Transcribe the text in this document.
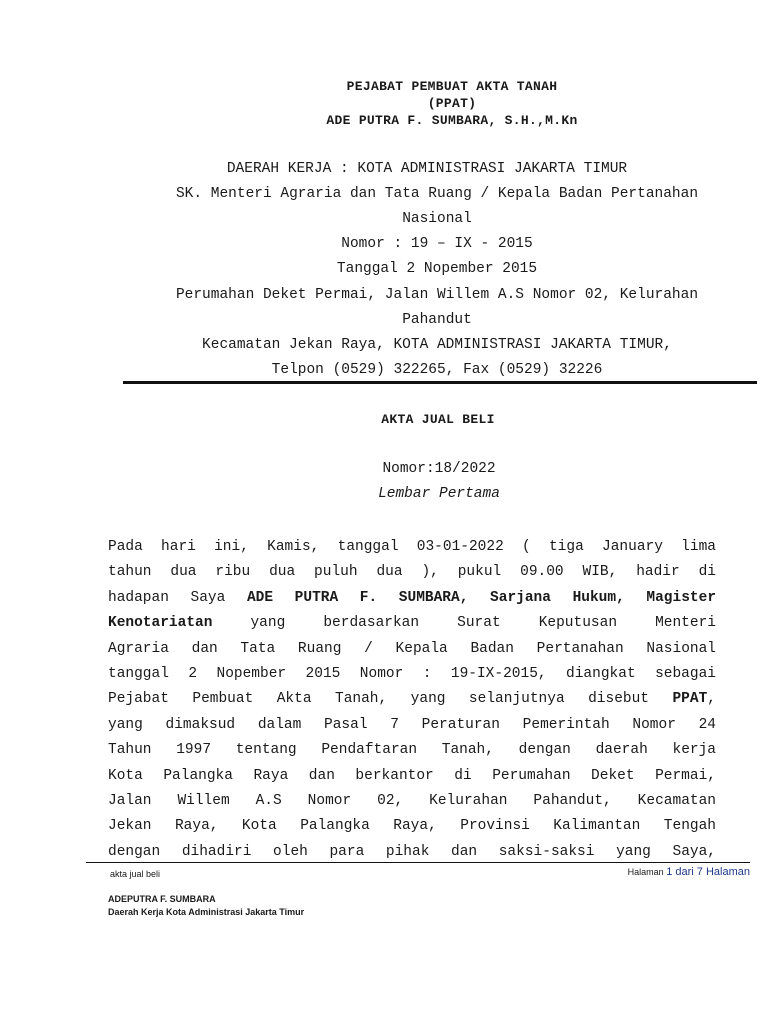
PEJABAT PEMBUAT AKTA TANAH
(PPAT)
ADE PUTRA F. SUMBARA, S.H.,M.Kn
DAERAH KERJA : KOTA ADMINISTRASI JAKARTA TIMUR
SK. Menteri Agraria dan Tata Ruang / Kepala Badan Pertanahan
Nasional
Nomor : 19 – IX - 2015
Tanggal 2 Nopember 2015
Perumahan Deket Permai, Jalan Willem A.S Nomor 02, Kelurahan
Pahandut
Kecamatan Jekan Raya, KOTA ADMINISTRASI JAKARTA TIMUR,
Telpon (0529) 322265, Fax (0529) 32226
AKTA JUAL BELI
Nomor:18/2022
Lembar Pertama
Pada hari ini, Kamis, tanggal 03-01-2022 ( tiga January lima
tahun dua ribu dua puluh dua ), pukul 09.00 WIB, hadir di
hadapan Saya ADE PUTRA F. SUMBARA, Sarjana Hukum, Magister
Kenotariatan yang berdasarkan Surat Keputusan Menteri
Agraria dan Tata Ruang / Kepala Badan Pertanahan Nasional
tanggal 2 Nopember 2015 Nomor : 19-IX-2015, diangkat sebagai
Pejabat Pembuat Akta Tanah, yang selanjutnya disebut PPAT,
yang dimaksud dalam Pasal 7 Peraturan Pemerintah Nomor 24
Tahun 1997 tentang Pendaftaran Tanah, dengan daerah kerja
Kota Palangka Raya dan berkantor di Perumahan Deket Permai,
Jalan Willem A.S Nomor 02, Kelurahan Pahandut, Kecamatan
Jekan Raya, Kota Palangka Raya, Provinsi Kalimantan Tengah
dengan dihadiri oleh para pihak dan saksi-saksi yang Saya,
akta jual beli	Halaman 1 dari 7 Halaman
ADEPUTRA F. SUMBARA
Daerah Kerja Kota Administrasi Jakarta Timur
